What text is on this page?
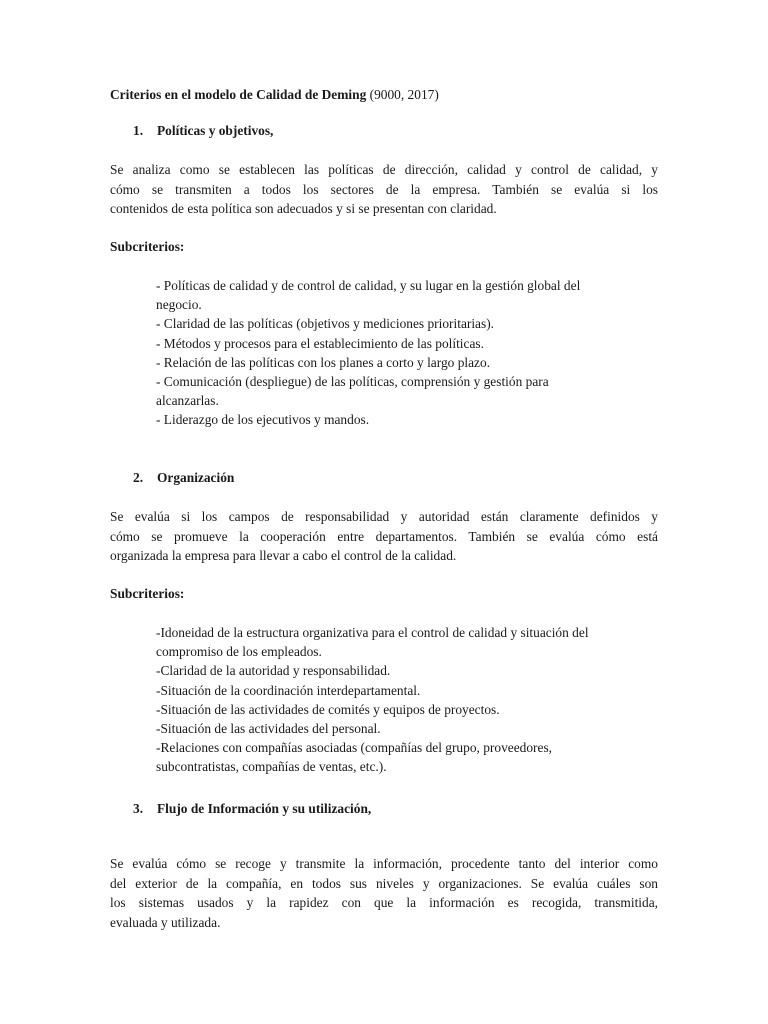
Criterios en el modelo de Calidad de Deming (9000, 2017)

1. Políticas y objetivos,

Se analiza como se establecen las políticas de dirección, calidad y control de calidad, y
cómo se transmiten a todos los sectores de la empresa. También se evalúa si los
contenidos de esta política son adecuados y si se presentan con claridad.

Subcriterios:

- Políticas de calidad y de control de calidad, y su lugar en la gestión global del
negocio.
- Claridad de las políticas (objetivos y mediciones prioritarias).
- Métodos y procesos para el establecimiento de las políticas.
- Relación de las políticas con los planes a corto y largo plazo.
- Comunicación (despliegue) de las políticas, comprensión y gestión para
alcanzarlas.
- Liderazgo de los ejecutivos y mandos.

2. Organización

Se evalúa si los campos de responsabilidad y autoridad están claramente definidos y
cómo se promueve la cooperación entre departamentos. También se evalúa cómo está
organizada la empresa para llevar a cabo el control de la calidad.

Subcriterios:

-Idoneidad de la estructura organizativa para el control de calidad y situación del
compromiso de los empleados.
-Claridad de la autoridad y responsabilidad.
-Situación de la coordinación interdepartamental.
-Situación de las actividades de comités y equipos de proyectos.
-Situación de las actividades del personal.
-Relaciones con compañías asociadas (compañías del grupo, proveedores,
subcontratistas, compañías de ventas, etc.).

3. Flujo de Información y su utilización,

Se evalúa cómo se recoge y transmite la información, procedente tanto del interior como
del exterior de la compañía, en todos sus niveles y organizaciones. Se evalúa cuáles son
los sistemas usados y la rapidez con que la información es recogida, transmitida,
evaluada y utilizada.
